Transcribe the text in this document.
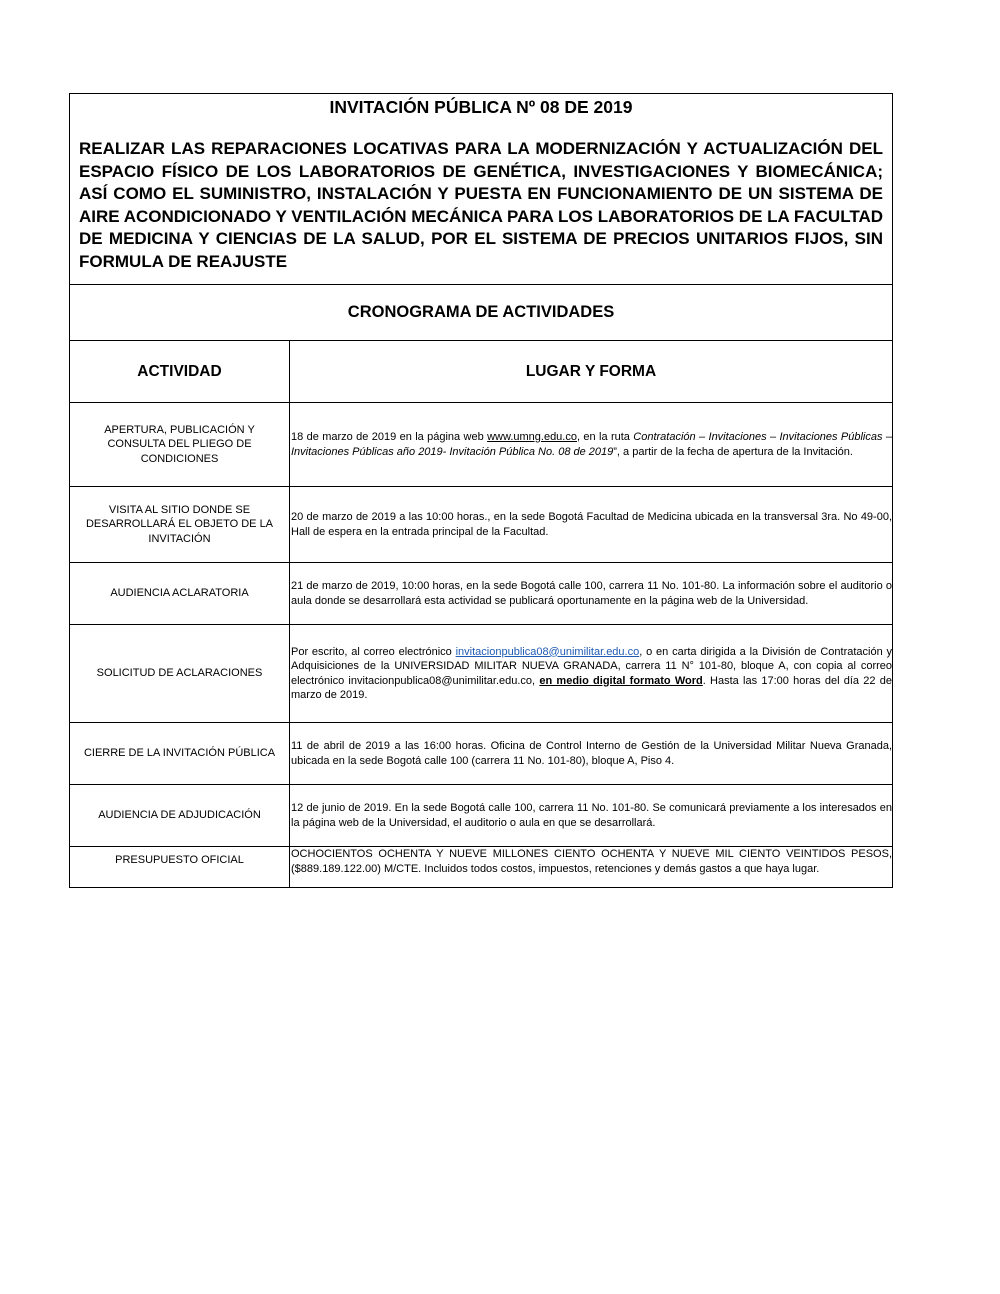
INVITACIÓN PÚBLICA Nº 08 DE 2019
REALIZAR LAS REPARACIONES LOCATIVAS PARA LA MODERNIZACIÓN Y ACTUALIZACIÓN DEL ESPACIO FÍSICO DE LOS LABORATORIOS DE GENÉTICA, INVESTIGACIONES Y BIOMECÁNICA; ASÍ COMO EL SUMINISTRO, INSTALACIÓN Y PUESTA EN FUNCIONAMIENTO DE UN SISTEMA DE AIRE ACONDICIONADO Y VENTILACIÓN MECÁNICA PARA LOS LABORATORIOS DE LA FACULTAD DE MEDICINA Y CIENCIAS DE LA SALUD, POR EL SISTEMA DE PRECIOS UNITARIOS FIJOS, SIN FORMULA DE REAJUSTE	

CRONOGRAMA DE ACTIVIDADES	
ACTIVIDAD	LUGAR Y FORMA
APERTURA, PUBLICACIÓN Y CONSULTA DEL PLIEGO DE CONDICIONES	18 de marzo de 2019 en la página web www.umng.edu.co, en la ruta Contratación – Invitaciones – Invitaciones Públicas – Invitaciones Públicas año 2019- Invitación Pública No. 08 de 2019”, a partir de la fecha de apertura de la Invitación.
VISITA AL SITIO DONDE SE DESARROLLARÁ EL OBJETO DE LA INVITACIÓN	20 de marzo de 2019 a las 10:00 horas., en la sede Bogotá Facultad de Medicina ubicada en la transversal 3ra. No 49-00, Hall de espera en la entrada principal de la Facultad.
AUDIENCIA ACLARATORIA	21 de marzo de 2019, 10:00 horas, en la sede Bogotá calle 100, carrera 11 No. 101-80. La información sobre el auditorio o aula donde se desarrollará esta actividad se publicará oportunamente en la página web de la Universidad.
SOLICITUD DE ACLARACIONES	Por escrito, al correo electrónico invitacionpublica08@unimilitar.edu.co, o en carta dirigida a la División de Contratación y Adquisiciones de la UNIVERSIDAD MILITAR NUEVA GRANADA, carrera 11 N° 101-80, bloque A, con copia al correo electrónico invitacionpublica08@unimilitar.edu.co, en medio digital formato Word. Hasta las 17:00 horas del día 22 de marzo de 2019.
CIERRE DE LA INVITACIÓN PÚBLICA	11 de abril de 2019 a las 16:00 horas. Oficina de Control Interno de Gestión de la Universidad Militar Nueva Granada, ubicada en la sede Bogotá calle 100 (carrera 11 No. 101-80), bloque A, Piso 4.
AUDIENCIA DE ADJUDICACIÓN	12 de junio de 2019. En la sede Bogotá calle 100, carrera 11 No. 101-80. Se comunicará previamente a los interesados en la página web de la Universidad, el auditorio o aula en que se desarrollará.
PRESUPUESTO OFICIAL	OCHOCIENTOS OCHENTA Y NUEVE MILLONES CIENTO OCHENTA Y NUEVE MIL CIENTO VEINTIDOS PESOS, ($889.189.122.00) M/CTE. Incluidos todos costos, impuestos, retenciones y demás gastos a que haya lugar.
